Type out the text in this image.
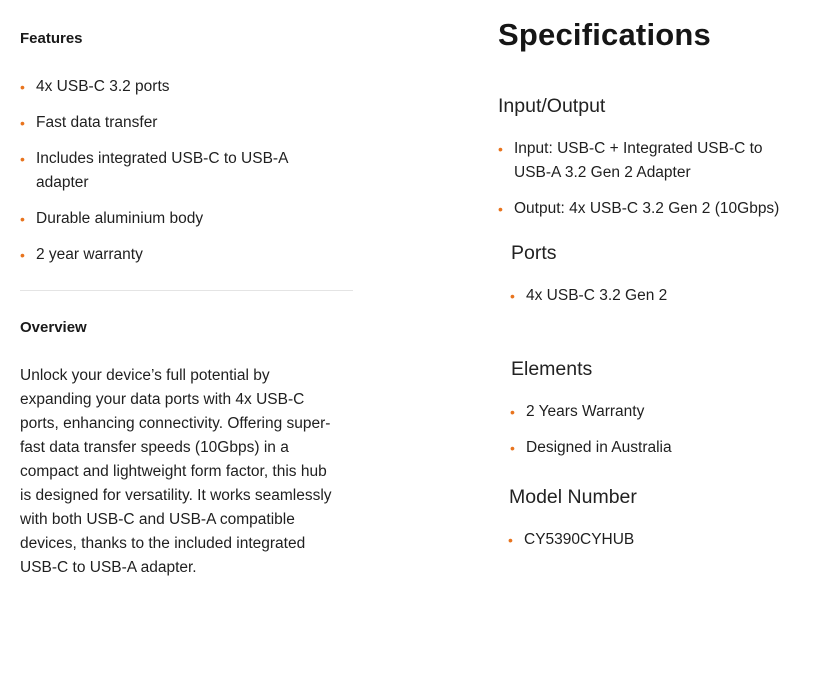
Features
• 4x USB-C 3.2 ports
• Fast data transfer
• Includes integrated USB-C to USB-A
adapter
• Durable aluminium body
• 2 year warranty
Overview

Unlock your device’s full potential by
expanding your data ports with 4x USB-C
ports, enhancing connectivity. Offering super-
fast data transfer speeds (10Gbps) in a
compact and lightweight form factor, this hub
is designed for versatility. It works seamlessly
with both USB-C and USB-A compatible
devices, thanks to the included integrated
USB-C to USB-A adapter.

Specifications
Input/Output
• Input: USB-C + Integrated USB-C to
USB-A 3.2 Gen 2 Adapter
• Output: 4x USB-C 3.2 Gen 2 (10Gbps)
Ports
• 4x USB-C 3.2 Gen 2
Elements
• 2 Years Warranty
• Designed in Australia
Model Number
• CY5390CYHUB
